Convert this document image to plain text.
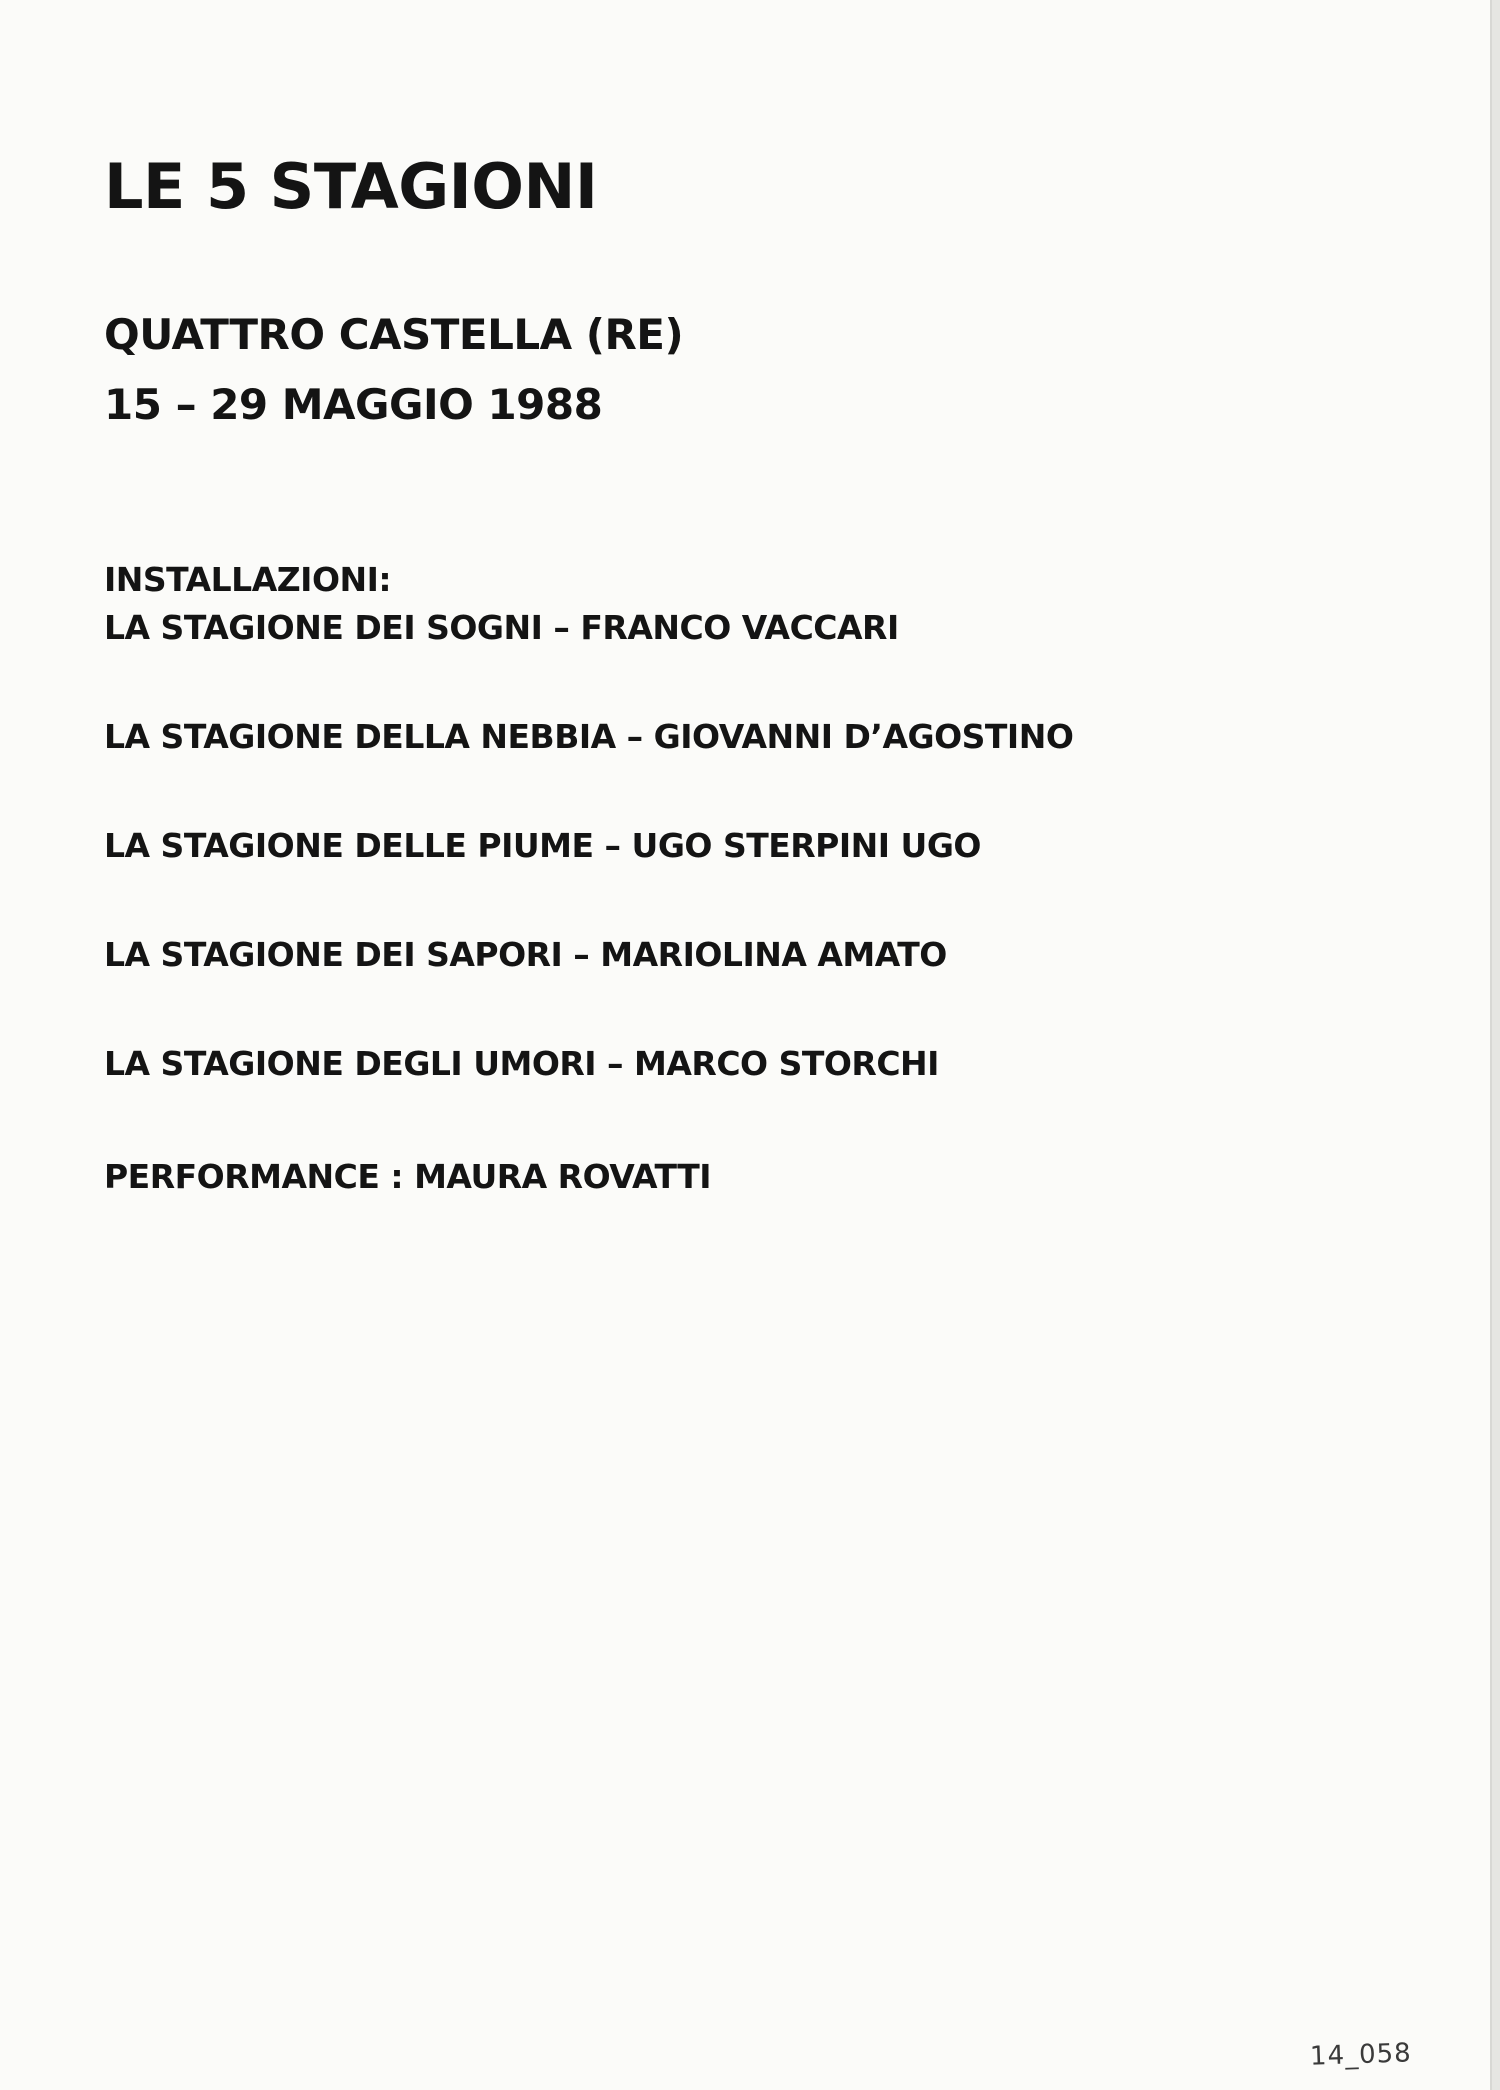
LE 5 STAGIONI
QUATTRO CASTELLA (RE)
15 – 29 MAGGIO 1988
INSTALLAZIONI:
LA STAGIONE DEI SOGNI – FRANCO VACCARI
LA STAGIONE DELLA NEBBIA – GIOVANNI D’AGOSTINO
LA STAGIONE DELLE PIUME – UGO STERPINI UGO
LA STAGIONE DEI SAPORI – MARIOLINA AMATO
LA STAGIONE DEGLI UMORI – MARCO STORCHI
PERFORMANCE : MAURA ROVATTI
14_058
